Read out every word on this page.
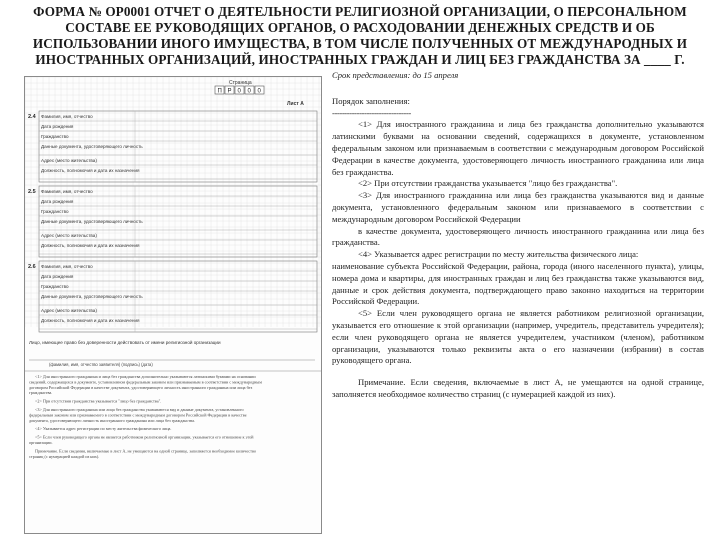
ФОРМА № ОР0001 ОТЧЕТ О ДЕЯТЕЛЬНОСТИ РЕЛИГИОЗНОЙ ОРГАНИЗАЦИИ, О ПЕРСОНАЛЬНОМ СОСТАВЕ ЕЕ РУКОВОДЯЩИХ ОРГАНОВ, О РАСХОДОВАНИИ ДЕНЕЖНЫХ СРЕДСТВ И ОБ ИСПОЛЬЗОВАНИИ ИНОГО ИМУЩЕСТВА, В ТОМ ЧИСЛЕ ПОЛУЧЕННЫХ ОТ МЕЖДУНАРОДНЫХ И ИНОСТРАННЫХ ОРГАНИЗАЦИЙ, ИНОСТРАННЫХ ГРАЖДАН И ЛИЦ БЕЗ ГРАЖДАНСТВА ЗА ____ Г.
Страница
П Р 0 0 0
Лист А
2.4 Фамилия, имя, отчество
Дата рождения
Гражданство
Данные документа, удостоверяющего личность
Адрес (место жительства)
Должность, полномочия и дата их назначения
2.5 Фамилия, имя, отчество
Дата рождения
Гражданство
Данные документа, удостоверяющего личность
Адрес (место жительства)
Должность, полномочия и дата их назначения
2.6 Фамилия, имя, отчество
Дата рождения
Гражданство
Данные документа, удостоверяющего личность
Адрес (место жительства)
Должность, полномочия и дата их назначения
Лицо, имеющее право без доверенности действовать от имени религиозной организации
(фамилия, имя, отчество заявителя) (подпись) (дата)
<1> Для иностранного гражданина и лица без гражданства дополнительно указываются латинскими буквами на основании сведений, содержащихся в документе, установленном федеральным законом или признаваемым в соответствии с международным договором Российской Федерации в качестве документа, удостоверяющего личность иностранного гражданина или лица без гражданства.
<2> При отсутствии гражданства указывается "лицо без гражданства".
<3> Для иностранного гражданина или лица без гражданства указываются вид и данные документа, установленного федеральным законом или признаваемого в соответствии с международным договором Российской Федерации в качестве документа, удостоверяющего личность иностранного гражданина или лица без гражданства.
<4> Указывается адрес регистрации по месту жительства физического лица.
<5> Если член руководящего органа не является работником религиозной организации, указывается его отношение к этой организации.
Примечание. Если сведения, включаемые в лист А, не умещаются на одной странице, заполняется необходимое количество страниц (с нумерацией каждой из них).

Срок представления: до 15 апреля

Порядок заполнения:

--------------------------------

<1> Для иностранного гражданина и лица без гражданства дополнительно указываются латинскими буквами на основании сведений, содержащихся в документе, установленном федеральным законом или признаваемым в соответствии с международным договором Российской Федерации в качестве документа, удостоверяющего личность иностранного гражданина или лица без гражданства.

<2> При отсутствии гражданства указывается "лицо без гражданства".

<3> Для иностранного гражданина или лица без гражданства указываются вид и данные документа, установленного федеральным законом или признаваемого в соответствии с международным договором Российской Федерации

в качестве документа, удостоверяющего личность иностранного гражданина или лица без гражданства.

<4> Указывается адрес регистрации по месту жительства физического лица:

наименование субъекта Российской Федерации, района, города (иного населенного пункта), улицы, номера дома и квартиры, для иностранных граждан и лиц без гражданства также указываются вид, данные и срок действия документа, подтверждающего право законно находиться на территории Российской Федерации.

<5> Если член руководящего органа не является работником религиозной организации, указывается его отношение к этой организации (например, учредитель, представитель учредителя); если член руководящего органа не является учредителем, участником (членом), работником организации, указываются только реквизиты акта о его назначении (избрании) в состав руководящего органа.

Примечание. Если сведения, включаемые в лист А, не умещаются на одной странице, заполняется необходимое количество страниц (с нумерацией каждой из них).
